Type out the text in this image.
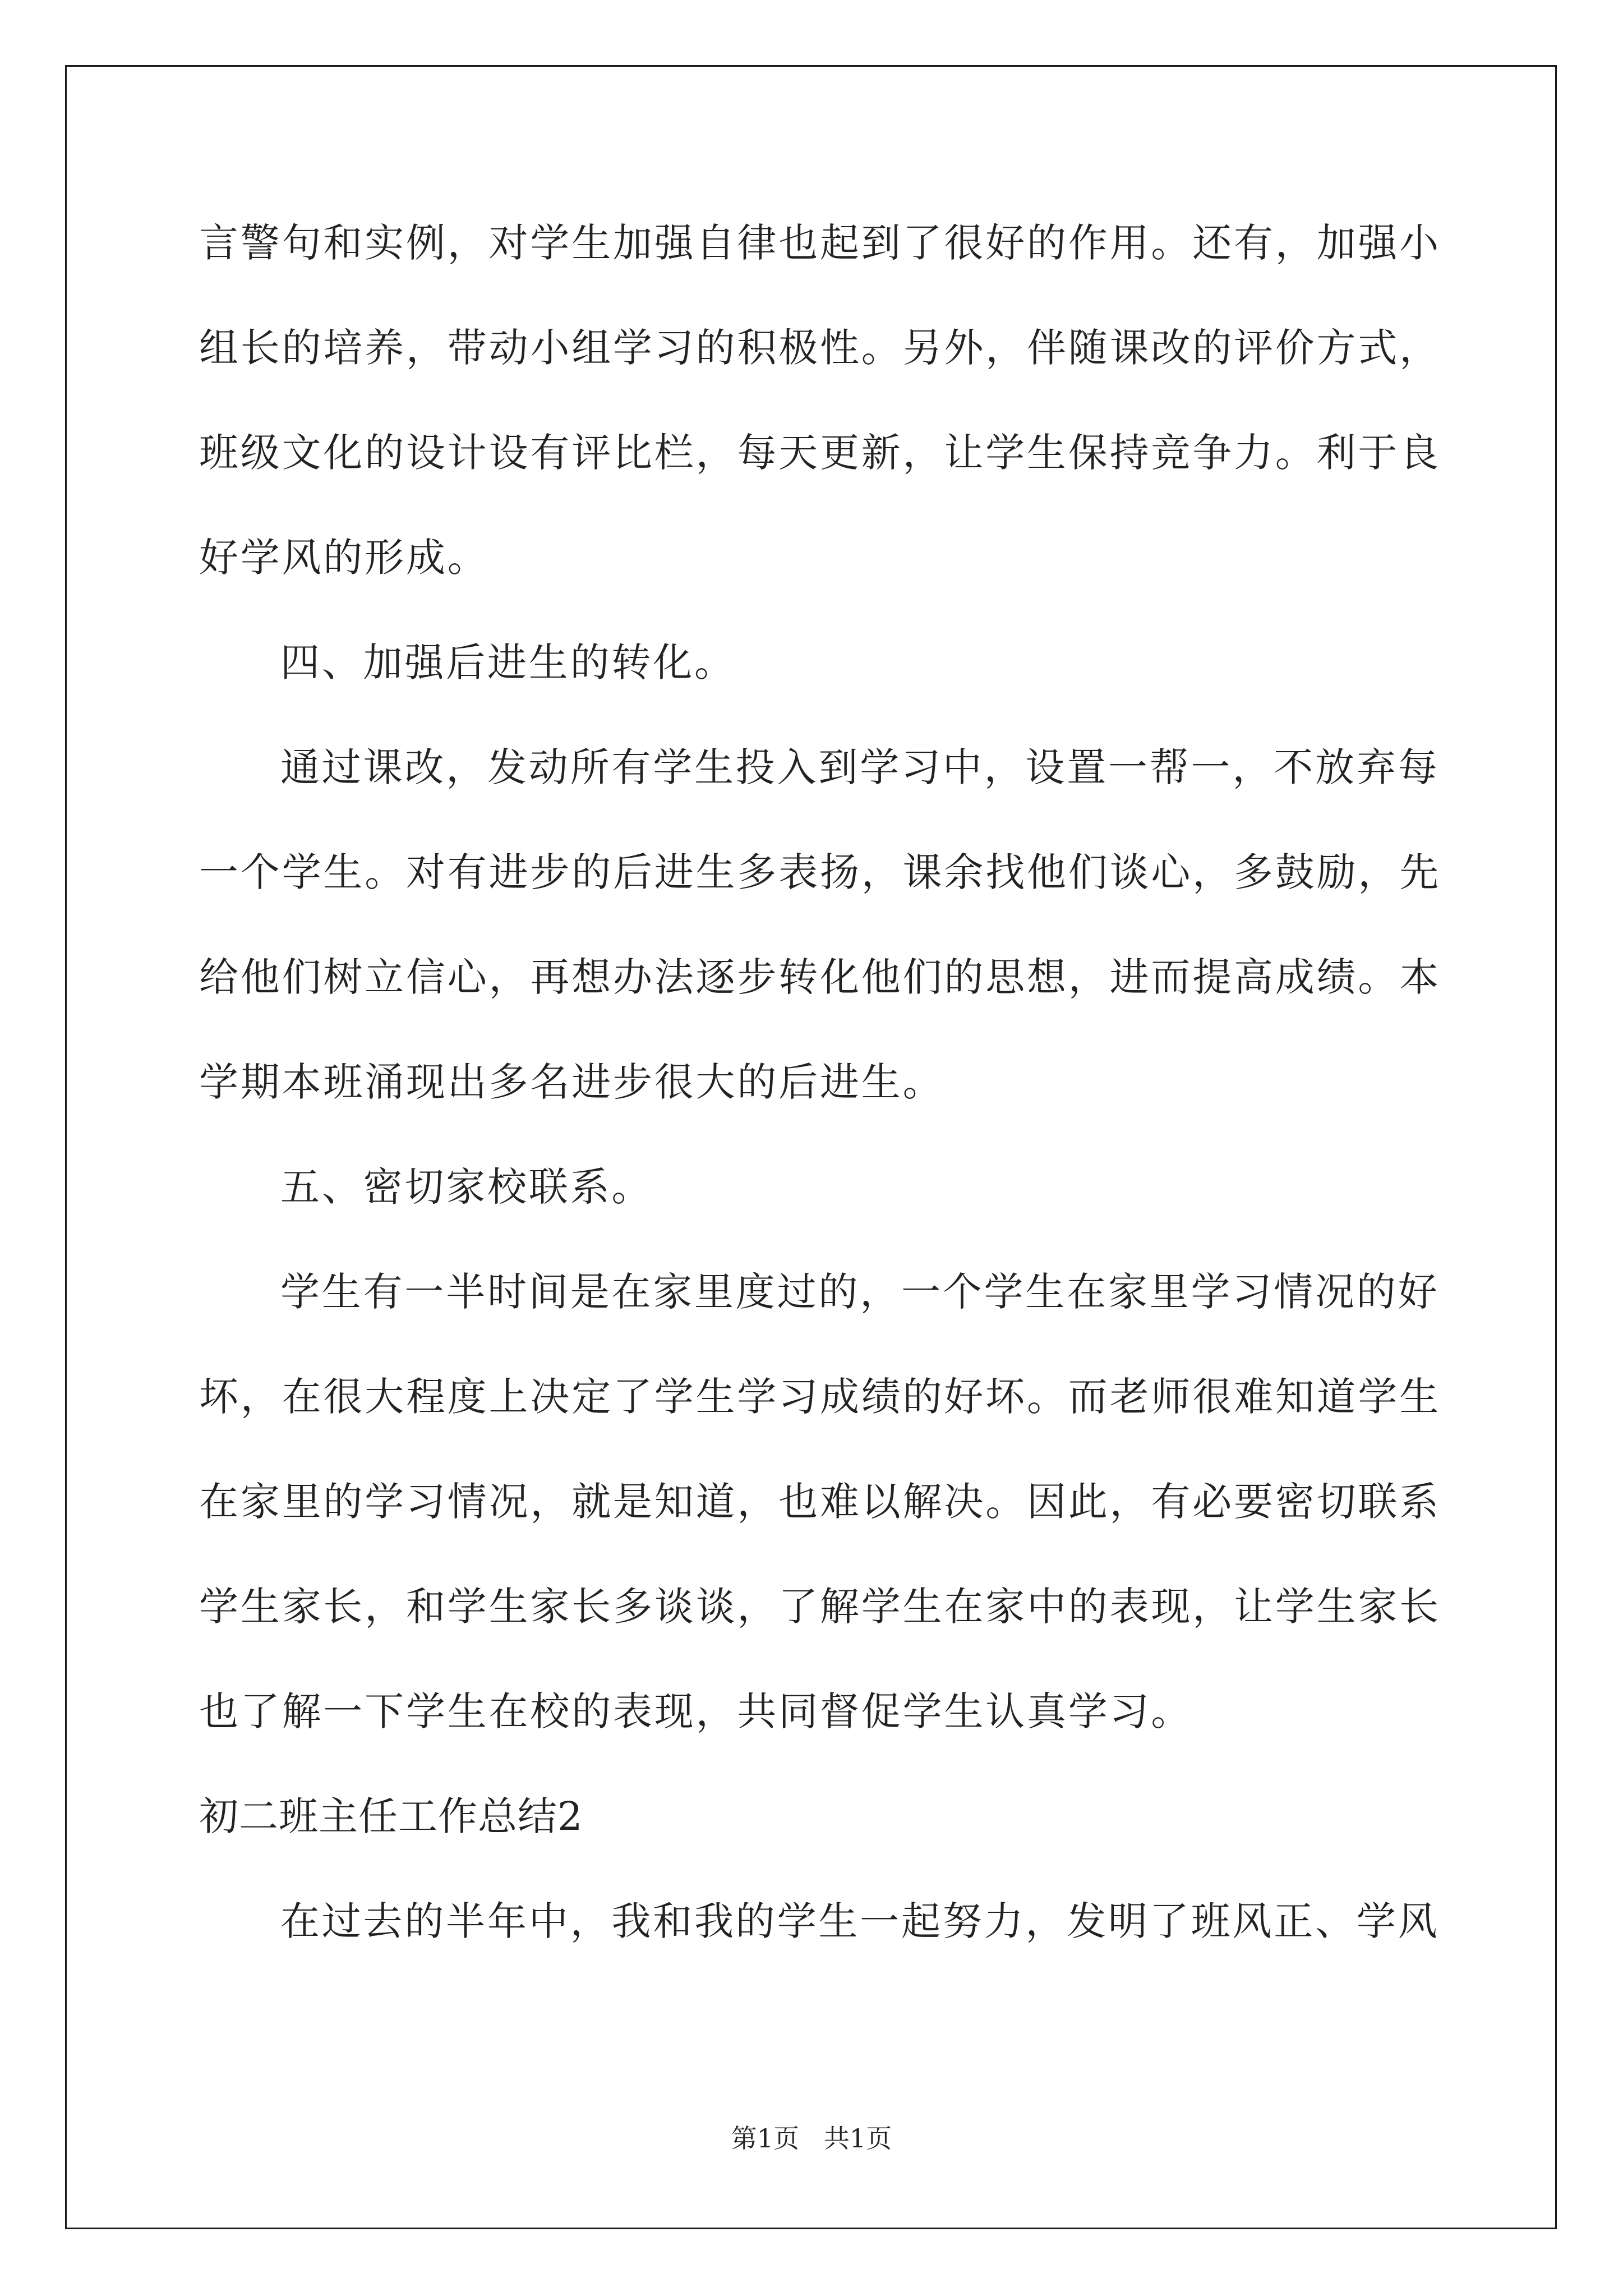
言警句和实例，对学生加强自律也起到了很好的作用。还有，加强小
组长的培养，带动小组学习的积极性。另外，伴随课改的评价方式，
班级文化的设计设有评比栏，每天更新，让学生保持竞争力。利于良
好学风的形成。
四、加强后进生的转化。
通过课改，发动所有学生投入到学习中，设置一帮一，不放弃每
一个学生。对有进步的后进生多表扬，课余找他们谈心，多鼓励，先
给他们树立信心，再想办法逐步转化他们的思想，进而提高成绩。本
学期本班涌现出多名进步很大的后进生。
五、密切家校联系。
学生有一半时间是在家里度过的，一个学生在家里学习情况的好
坏，在很大程度上决定了学生学习成绩的好坏。而老师很难知道学生
在家里的学习情况，就是知道，也难以解决。因此，有必要密切联系
学生家长，和学生家长多谈谈，了解学生在家中的表现，让学生家长
也了解一下学生在校的表现，共同督促学生认真学习。
初二班主任工作总结2
在过去的半年中，我和我的学生一起努力，发明了班风正、学风
第1页   共1页
